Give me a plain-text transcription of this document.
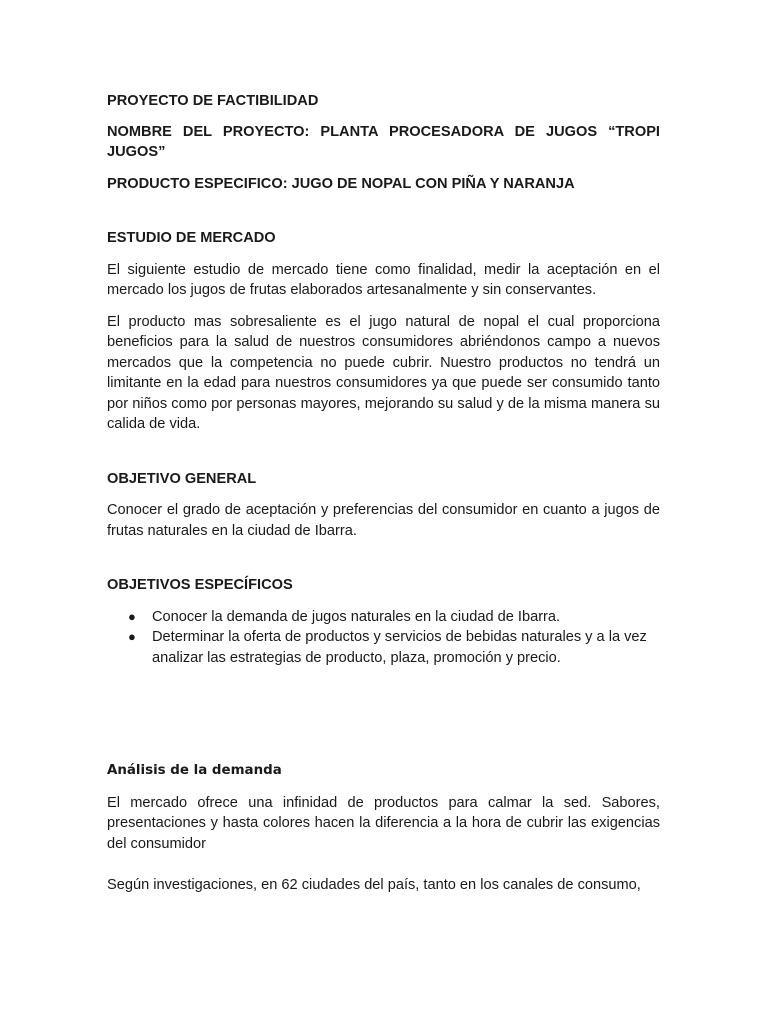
PROYECTO DE FACTIBILIDAD

NOMBRE DEL PROYECTO: PLANTA PROCESADORA DE JUGOS “TROPI JUGOS”

PRODUCTO ESPECIFICO: JUGO DE NOPAL CON PIÑA Y NARANJA

ESTUDIO DE MERCADO

El siguiente estudio de mercado tiene como finalidad, medir la aceptación en el mercado los jugos de frutas elaborados artesanalmente y sin conservantes.

El producto mas sobresaliente es el jugo natural de nopal el cual proporciona beneficios para la salud de nuestros consumidores abriéndonos campo a nuevos mercados que la competencia no puede cubrir. Nuestro productos no tendrá un limitante en la edad para nuestros consumidores ya que puede ser consumido tanto por niños como por personas mayores, mejorando su salud y de la misma manera su calida de vida.

OBJETIVO GENERAL

Conocer el grado de aceptación y preferencias del consumidor en cuanto a jugos de frutas naturales en la ciudad de Ibarra.

OBJETIVOS ESPECÍFICOS

● Conocer la demanda de jugos naturales en la ciudad de Ibarra.
● Determinar la oferta de productos y servicios de bebidas naturales y a la vez analizar las estrategias de producto, plaza, promoción y precio.

Análisis de la demanda

El mercado ofrece una infinidad de productos para calmar la sed. Sabores, presentaciones y hasta colores hacen la diferencia a la hora de cubrir las exigencias del consumidor

Según investigaciones, en 62 ciudades del país, tanto en los canales de consumo,
